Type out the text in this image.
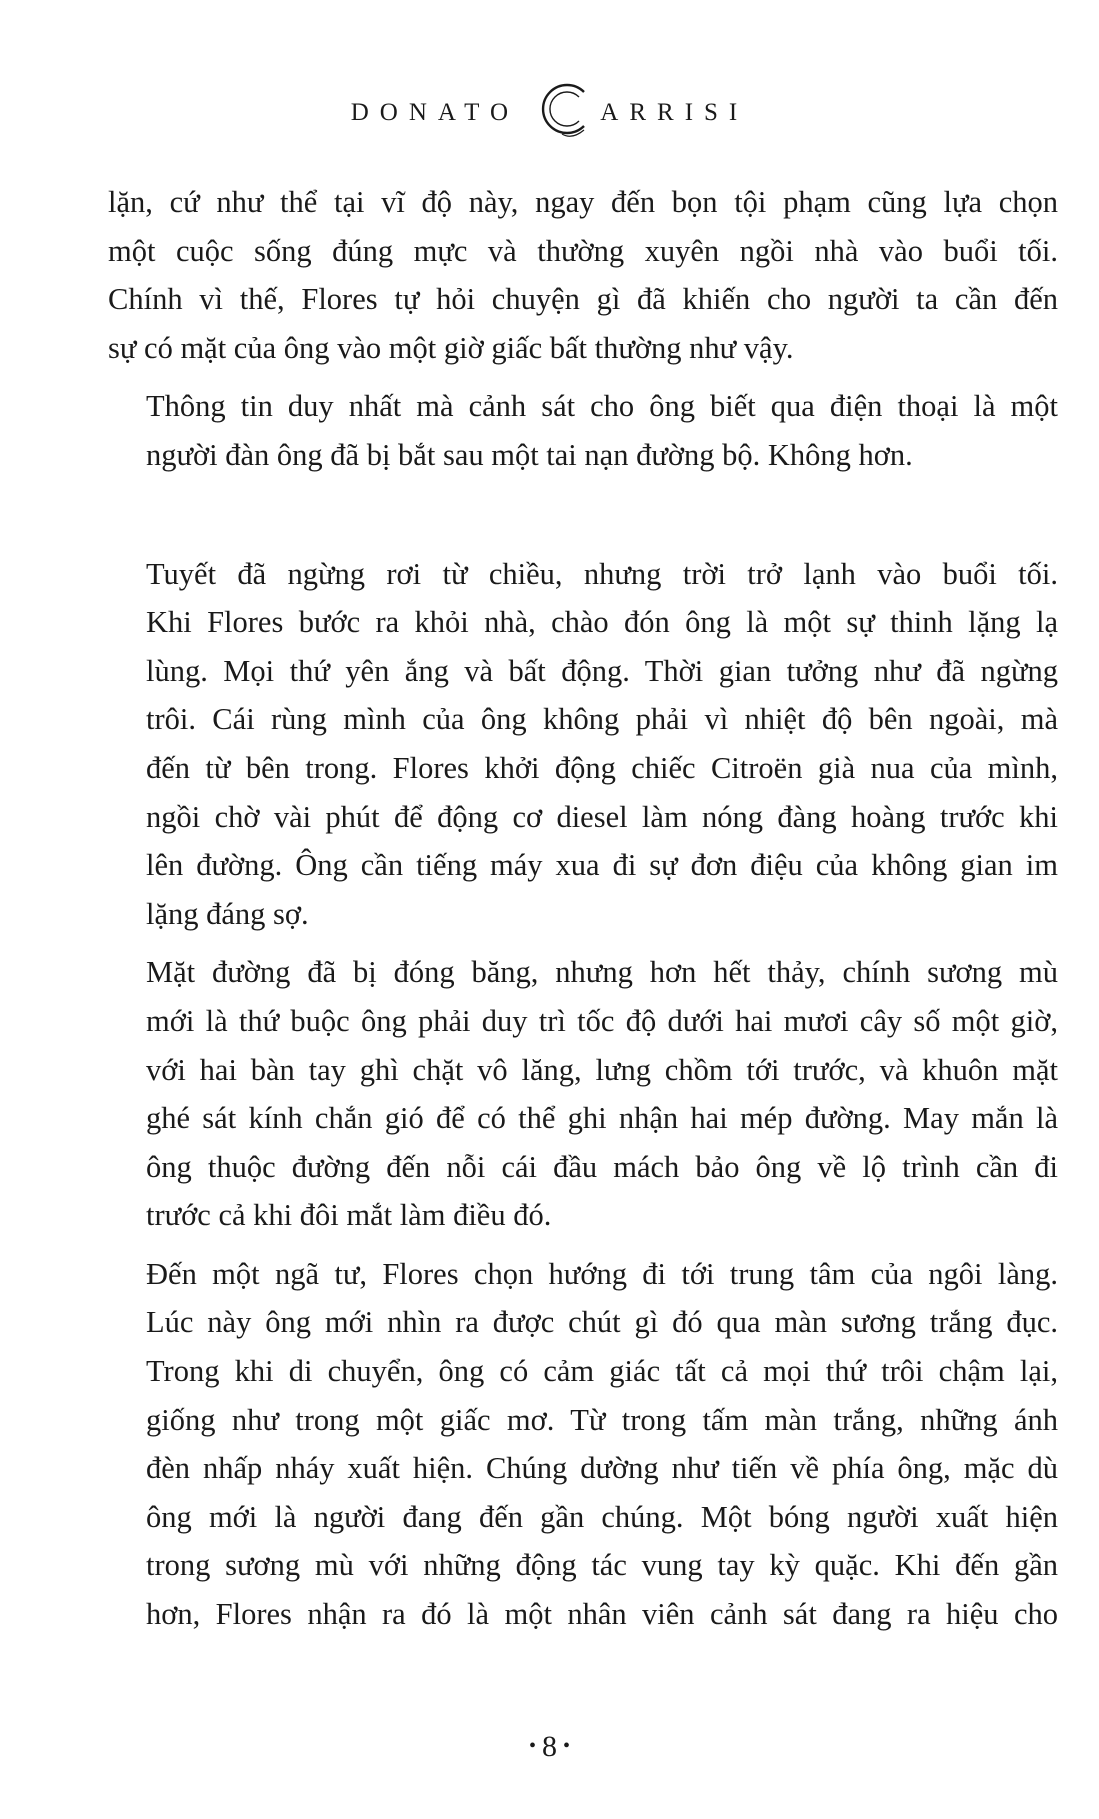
DONATO	ARRISI

lặn, cứ như thể tại vĩ độ này, ngay đến bọn tội phạm cũng lựa chọn
một cuộc sống đúng mực và thường xuyên ngồi nhà vào buổi tối.
Chính vì thế, Flores tự hỏi chuyện gì đã khiến cho người ta cần đến
sự có mặt của ông vào một giờ giấc bất thường như vậy.

Thông tin duy nhất mà cảnh sát cho ông biết qua điện thoại là một
người đàn ông đã bị bắt sau một tai nạn đường bộ. Không hơn.

Tuyết đã ngừng rơi từ chiều, nhưng trời trở lạnh vào buổi tối.
Khi Flores bước ra khỏi nhà, chào đón ông là một sự thinh lặng lạ
lùng. Mọi thứ yên ắng và bất động. Thời gian tưởng như đã ngừng
trôi. Cái rùng mình của ông không phải vì nhiệt độ bên ngoài, mà
đến từ bên trong. Flores khởi động chiếc Citroën già nua của mình,
ngồi chờ vài phút để động cơ diesel làm nóng đàng hoàng trước khi
lên đường. Ông cần tiếng máy xua đi sự đơn điệu của không gian im
lặng đáng sợ.

Mặt đường đã bị đóng băng, nhưng hơn hết thảy, chính sương mù
mới là thứ buộc ông phải duy trì tốc độ dưới hai mươi cây số một giờ,
với hai bàn tay ghì chặt vô lăng, lưng chồm tới trước, và khuôn mặt
ghé sát kính chắn gió để có thể ghi nhận hai mép đường. May mắn là
ông thuộc đường đến nỗi cái đầu mách bảo ông về lộ trình cần đi
trước cả khi đôi mắt làm điều đó.

Đến một ngã tư, Flores chọn hướng đi tới trung tâm của ngôi làng.
Lúc này ông mới nhìn ra được chút gì đó qua màn sương trắng đục.
Trong khi di chuyển, ông có cảm giác tất cả mọi thứ trôi chậm lại,
giống như trong một giấc mơ. Từ trong tấm màn trắng, những ánh
đèn nhấp nháy xuất hiện. Chúng dường như tiến về phía ông, mặc dù
ông mới là người đang đến gần chúng. Một bóng người xuất hiện
trong sương mù với những động tác vung tay kỳ quặc. Khi đến gần
hơn, Flores nhận ra đó là một nhân viên cảnh sát đang ra hiệu cho

• 8 •
